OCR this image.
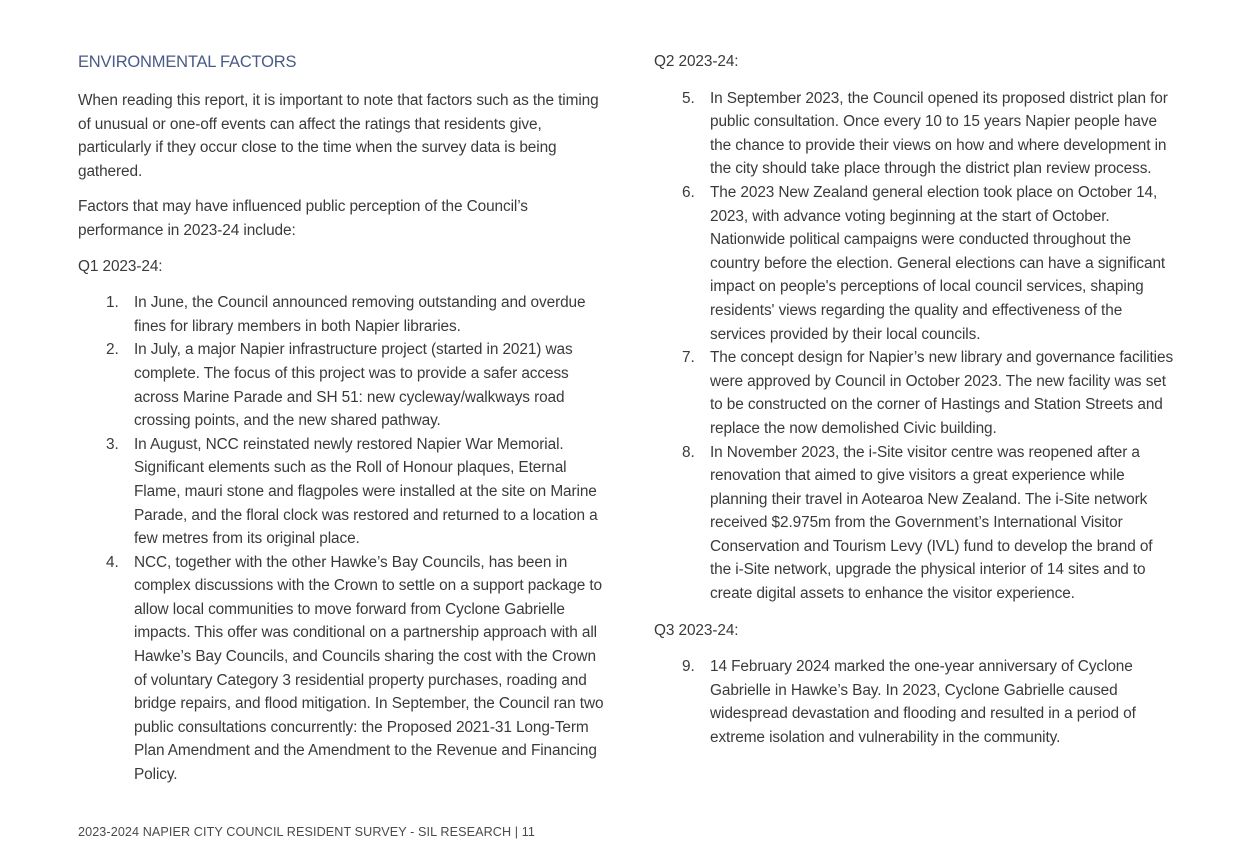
ENVIRONMENTAL FACTORS

When reading this report, it is important to note that factors such as the timing of unusual or one-off events can affect the ratings that residents give, particularly if they occur close to the time when the survey data is being gathered.

Factors that may have influenced public perception of the Council’s performance in 2023-24 include:

Q1 2023-24:
1. In June, the Council announced removing outstanding and overdue fines for library members in both Napier libraries.
2. In July, a major Napier infrastructure project (started in 2021) was complete. The focus of this project was to provide a safer access across Marine Parade and SH 51: new cycleway/walkways road crossing points, and the new shared pathway.
3. In August, NCC reinstated newly restored Napier War Memorial. Significant elements such as the Roll of Honour plaques, Eternal Flame, mauri stone and flagpoles were installed at the site on Marine Parade, and the floral clock was restored and returned to a location a few metres from its original place.
4. NCC, together with the other Hawke’s Bay Councils, has been in complex discussions with the Crown to settle on a support package to allow local communities to move forward from Cyclone Gabrielle impacts. This offer was conditional on a partnership approach with all Hawke’s Bay Councils, and Councils sharing the cost with the Crown of voluntary Category 3 residential property purchases, roading and bridge repairs, and flood mitigation. In September, the Council ran two public consultations concurrently: the Proposed 2021-31 Long-Term Plan Amendment and the Amendment to the Revenue and Financing Policy.
Q2 2023-24:
5. In September 2023, the Council opened its proposed district plan for public consultation. Once every 10 to 15 years Napier people have the chance to provide their views on how and where development in the city should take place through the district plan review process.
6. The 2023 New Zealand general election took place on October 14, 2023, with advance voting beginning at the start of October. Nationwide political campaigns were conducted throughout the country before the election. General elections can have a significant impact on people's perceptions of local council services, shaping residents' views regarding the quality and effectiveness of the services provided by their local councils.
7. The concept design for Napier’s new library and governance facilities were approved by Council in October 2023. The new facility was set to be constructed on the corner of Hastings and Station Streets and replace the now demolished Civic building.
8. In November 2023, the i-Site visitor centre was reopened after a renovation that aimed to give visitors a great experience while planning their travel in Aotearoa New Zealand. The i-Site network received $2.975m from the Government’s International Visitor Conservation and Tourism Levy (IVL) fund to develop the brand of the i-Site network, upgrade the physical interior of 14 sites and to create digital assets to enhance the visitor experience.
Q3 2023-24:
9. 14 February 2024 marked the one-year anniversary of Cyclone Gabrielle in Hawke’s Bay. In 2023, Cyclone Gabrielle caused widespread devastation and flooding and resulted in a period of extreme isolation and vulnerability in the community.
2023-2024 NAPIER CITY COUNCIL RESIDENT SURVEY - SIL RESEARCH | 11
